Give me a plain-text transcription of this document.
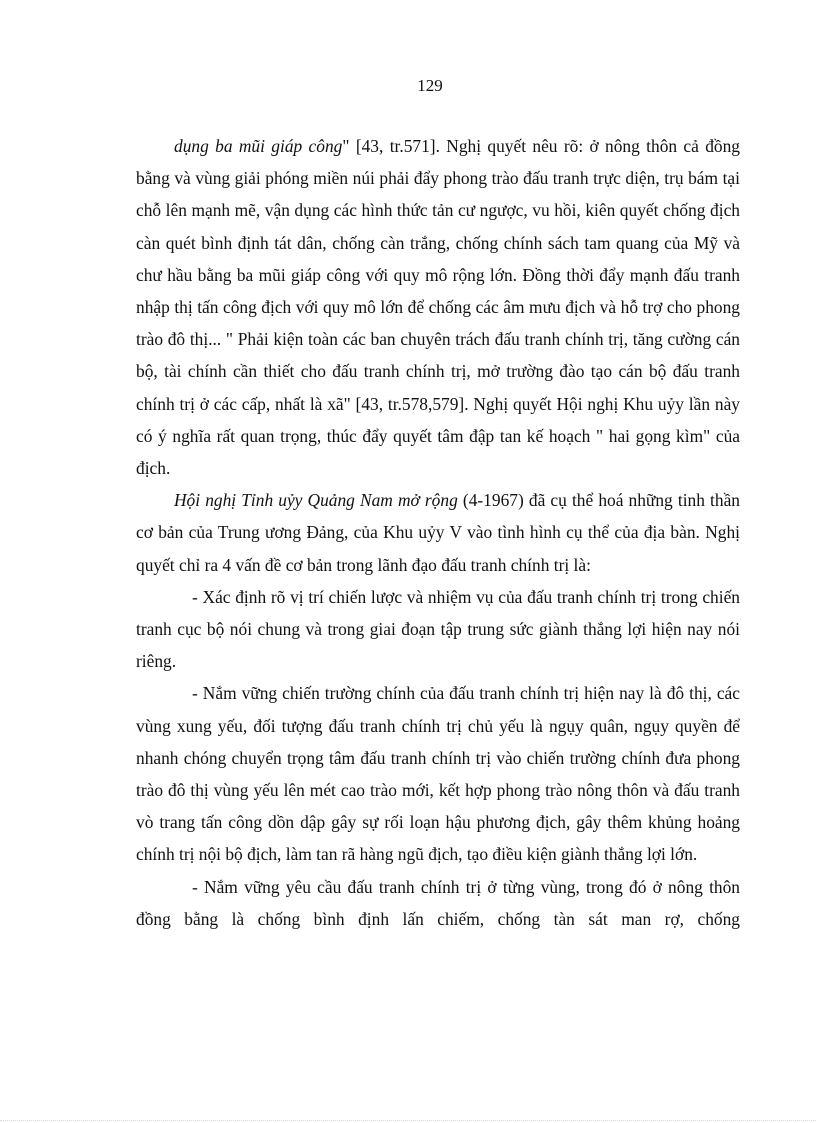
129

dụng ba mũi giáp công" [43, tr.571]. Nghị quyết nêu rõ: ở nông thôn cả đồng bằng và vùng giải phóng miền núi phải đẩy phong trào đấu tranh trực diện, trụ bám tại chỗ lên mạnh mẽ, vận dụng các hình thức tản cư ngược, vu hồi, kiên quyết chống địch càn quét bình định tát dân, chống càn trắng, chống chính sách tam quang của Mỹ và chư hầu bằng ba mũi giáp công với quy mô rộng lớn. Đồng thời đẩy mạnh đấu tranh nhập thị tấn công địch với quy mô lớn để chống các âm mưu địch và hỗ trợ cho phong trào đô thị... " Phải kiện toàn các ban chuyên trách đấu tranh chính trị, tăng cường cán bộ, tài chính cần thiết cho đấu tranh chính trị, mở trường đào tạo cán bộ đấu tranh chính trị ở các cấp, nhất là xã" [43, tr.578,579]. Nghị quyết Hội nghị Khu uỷy lần này có ý nghĩa rất quan trọng, thúc đẩy quyết tâm đập tan kế hoạch " hai gọng kìm" của địch.

Hội nghị Tỉnh uỷy Quảng Nam mở rộng (4-1967) đã cụ thể hoá những tinh thần cơ bản của Trung ương Đảng, của Khu uỷy V vào tình hình cụ thể của địa bàn. Nghị quyết chỉ ra 4 vấn đề cơ bản trong lãnh đạo đấu tranh chính trị là:

- Xác định rõ vị trí chiến lược và nhiệm vụ của đấu tranh chính trị trong chiến tranh cục bộ nói chung và trong giai đoạn tập trung sức giành thắng lợi hiện nay nói riêng.

- Nắm vững chiến trường chính của đấu tranh chính trị hiện nay là đô thị, các vùng xung yếu, đối tượng đấu tranh chính trị chủ yếu là ngụy quân, ngụy quyền để nhanh chóng chuyển trọng tâm đấu tranh chính trị vào chiến trường chính đưa phong trào đô thị vùng yếu lên mét cao trào mới, kết hợp phong trào nông thôn và đấu tranh vò trang tấn công dồn dập gây sự rối loạn hậu phương địch, gây thêm khủng hoảng chính trị nội bộ địch, làm tan rã hàng ngũ địch, tạo điều kiện giành thắng lợi lớn.

- Nắm vững yêu cầu đấu tranh chính trị ở từng vùng, trong đó ở nông thôn đồng bằng là chống bình định lấn chiếm, chống tàn sát man rợ, chống
